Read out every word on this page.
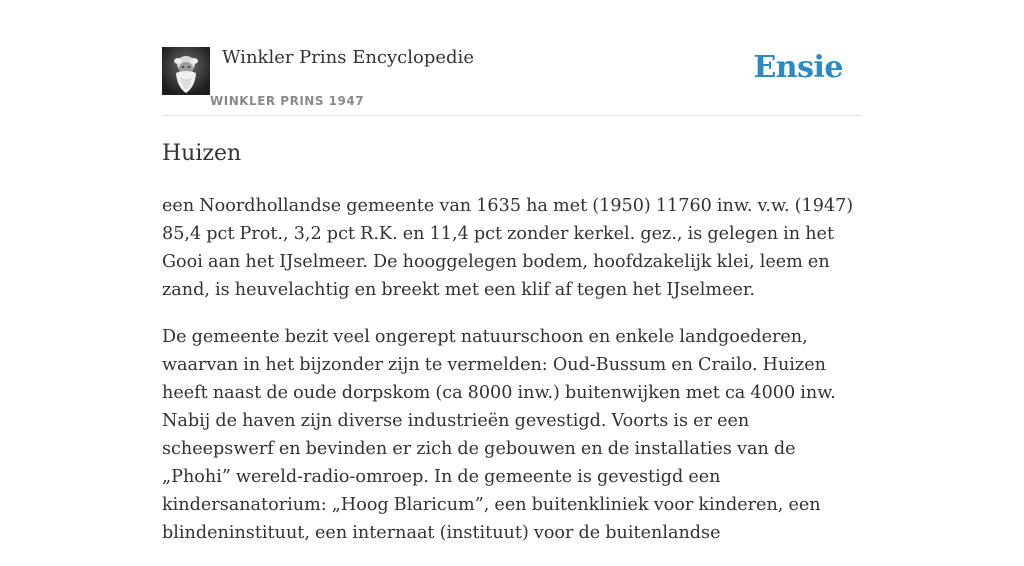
Winkler Prins Encyclopedie
WINKLER PRINS 1947
Ensie
Huizen

een Noordhollandse gemeente van 1635 ha met (1950) 11760 inw. v.w. (1947) 85,4 pct Prot., 3,2 pct R.K. en 11,4 pct zonder kerkel. gez., is gelegen in het Gooi aan het IJselmeer. De hooggelegen bodem, hoofdzakelijk klei, leem en zand, is heuvelachtig en breekt met een klif af tegen het IJselmeer.

De gemeente bezit veel ongerept natuurschoon en enkele landgoederen, waarvan in het bijzonder zijn te vermelden: Oud-Bussum en Crailo. Huizen heeft naast de oude dorpskom (ca 8000 inw.) buitenwijken met ca 4000 inw. Nabij de haven zijn diverse industrieën gevestigd. Voorts is er een scheepswerf en bevinden er zich de gebouwen en de installaties van de „Phohi” wereld-radio-omroep. In de gemeente is gevestigd een kindersanatorium: „Hoog Blaricum”, een buitenkliniek voor kinderen, een blindeninstituut, een internaat (instituut) voor de buitenlandse
